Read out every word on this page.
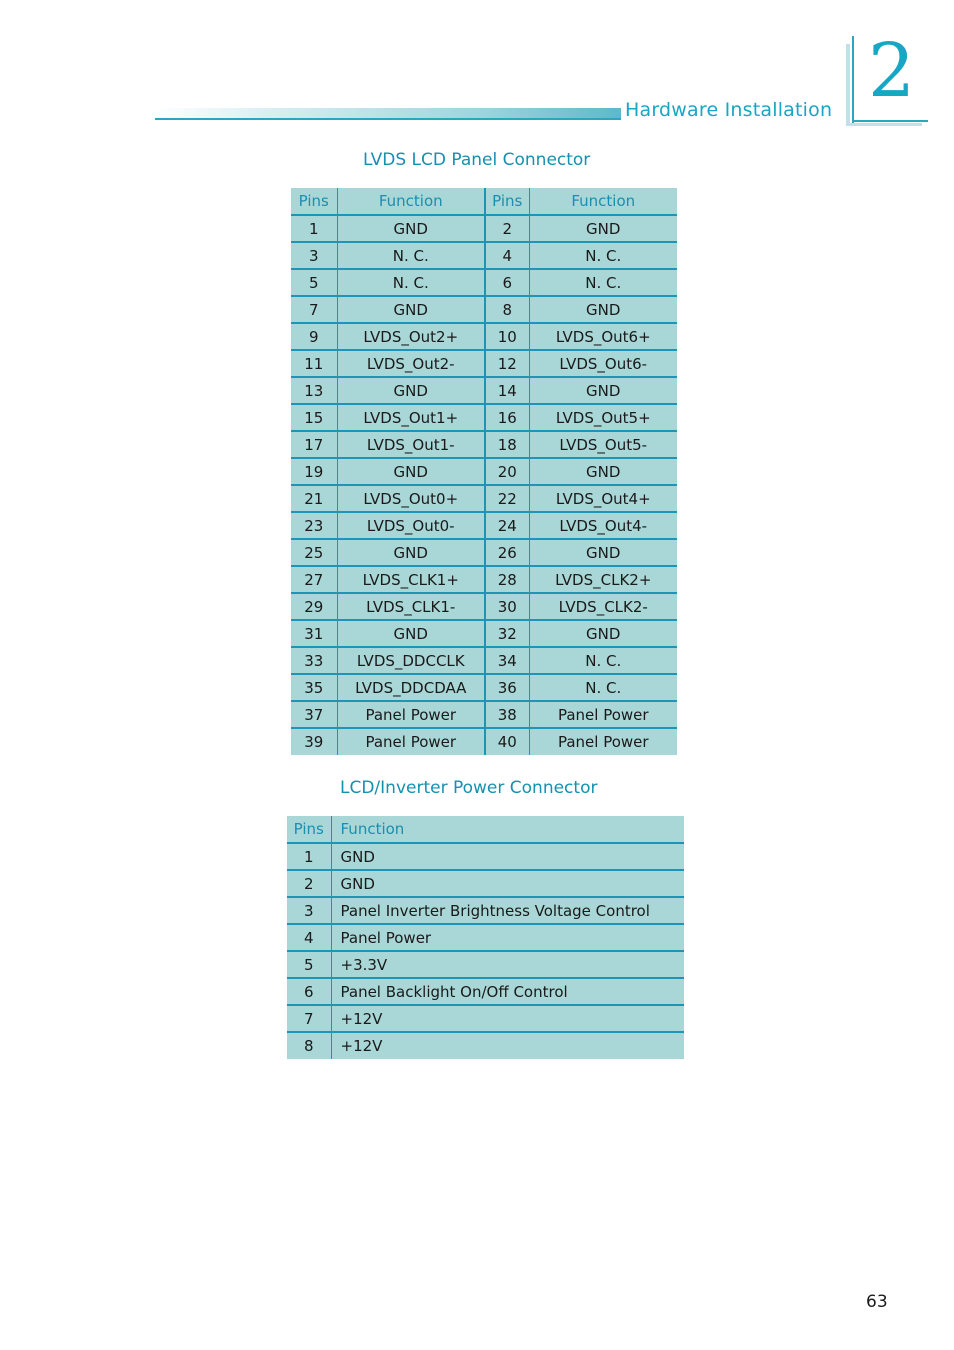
Hardware Installation 2
LVDS LCD Panel Connector
Pins	Function	Pins	Function
1	GND	2	GND
3	N. C.	4	N. C.
5	N. C.	6	N. C.
7	GND	8	GND
9	LVDS_Out2+	10	LVDS_Out6+
11	LVDS_Out2-	12	LVDS_Out6-
13	GND	14	GND
15	LVDS_Out1+	16	LVDS_Out5+
17	LVDS_Out1-	18	LVDS_Out5-
19	GND	20	GND
21	LVDS_Out0+	22	LVDS_Out4+
23	LVDS_Out0-	24	LVDS_Out4-
25	GND	26	GND
27	LVDS_CLK1+	28	LVDS_CLK2+
29	LVDS_CLK1-	30	LVDS_CLK2-
31	GND	32	GND
33	LVDS_DDCCLK	34	N. C.
35	LVDS_DDCDAA	36	N. C.
37	Panel Power	38	Panel Power
39	Panel Power	40	Panel Power
LCD/Inverter Power Connector
Pins	Function
1	GND
2	GND
3	Panel Inverter Brightness Voltage Control
4	Panel Power
5	+3.3V
6	Panel Backlight On/Off Control
7	+12V
8	+12V
63
